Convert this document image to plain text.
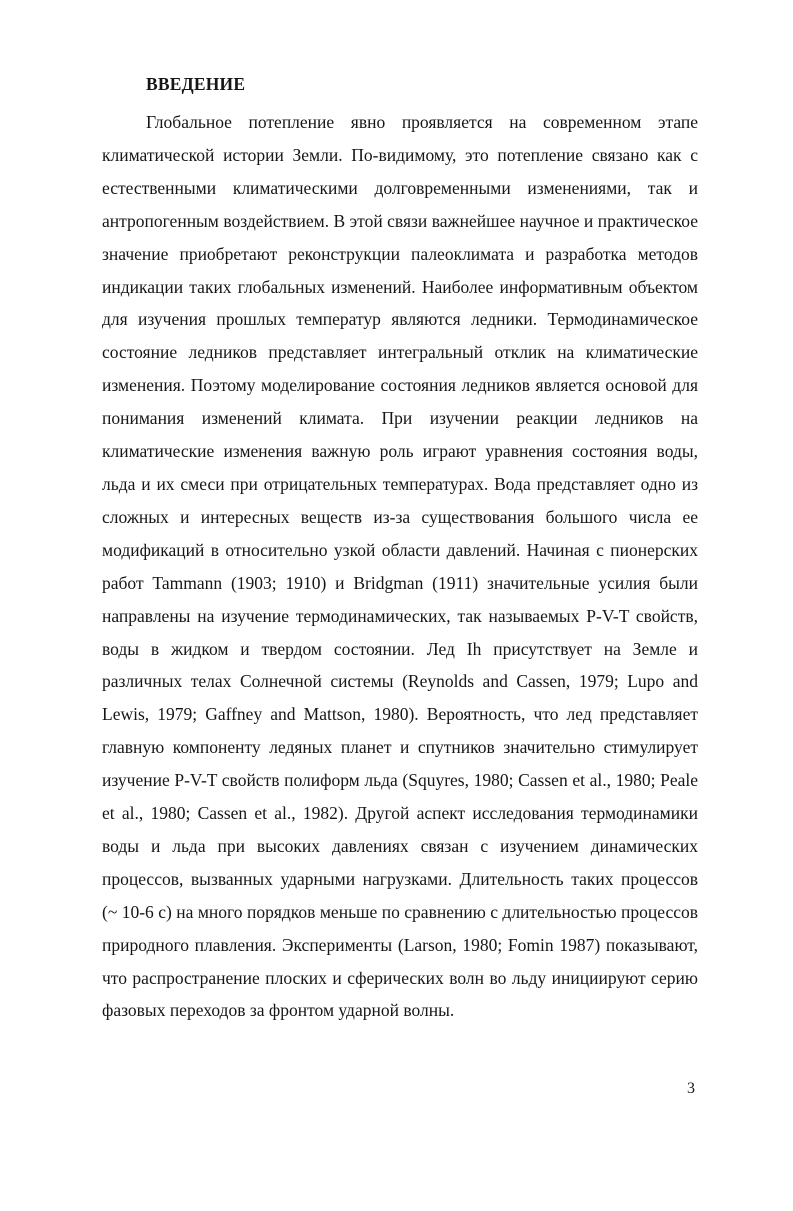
ВВЕДЕНИЕ

Глобальное потепление явно проявляется на современном этапе климатической истории Земли. По-видимому, это потепление связано как с естественными климатическими долговременными изменениями, так и антропогенным воздействием. В этой связи важнейшее научное и практическое значение приобретают реконструкции палеоклимата и разработка методов индикации таких глобальных изменений. Наиболее информативным объектом для изучения прошлых температур являются ледники. Термодинамическое состояние ледников представляет интегральный отклик на климатические изменения. Поэтому моделирование состояния ледников является основой для понимания изменений климата. При изучении реакции ледников на климатические изменения важную роль играют уравнения состояния воды, льда и их смеси при отрицательных температурах. Вода представляет одно из сложных и интересных веществ из-за существования большого числа ее модификаций в относительно узкой области давлений. Начиная с пионерских работ Tammann (1903; 1910) и Bridgman (1911) значительные усилия были направлены на изучение термодинамических, так называемых P-V-T свойств, воды в жидком и твердом состоянии. Лед Ih присутствует на Земле и различных телах Солнечной системы (Reynolds and Cassen, 1979; Lupo and Lewis, 1979; Gaffney and Mattson, 1980). Вероятность, что лед представляет главную компоненту ледяных планет и спутников значительно стимулирует изучение P-V-T свойств полиформ льда (Squyres, 1980; Cassen et al., 1980; Peale et al., 1980; Cassen et al., 1982). Другой аспект исследования термодинамики воды и льда при высоких давлениях связан с изучением динамических процессов, вызванных ударными нагрузками. Длительность таких процессов (~ 10-6 с) на много порядков меньше по сравнению с длительностью процессов природного плавления. Эксперименты (Larson, 1980; Fomin 1987) показывают, что распространение плоских и сферических волн во льду инициируют серию фазовых переходов за фронтом ударной волны.

3
